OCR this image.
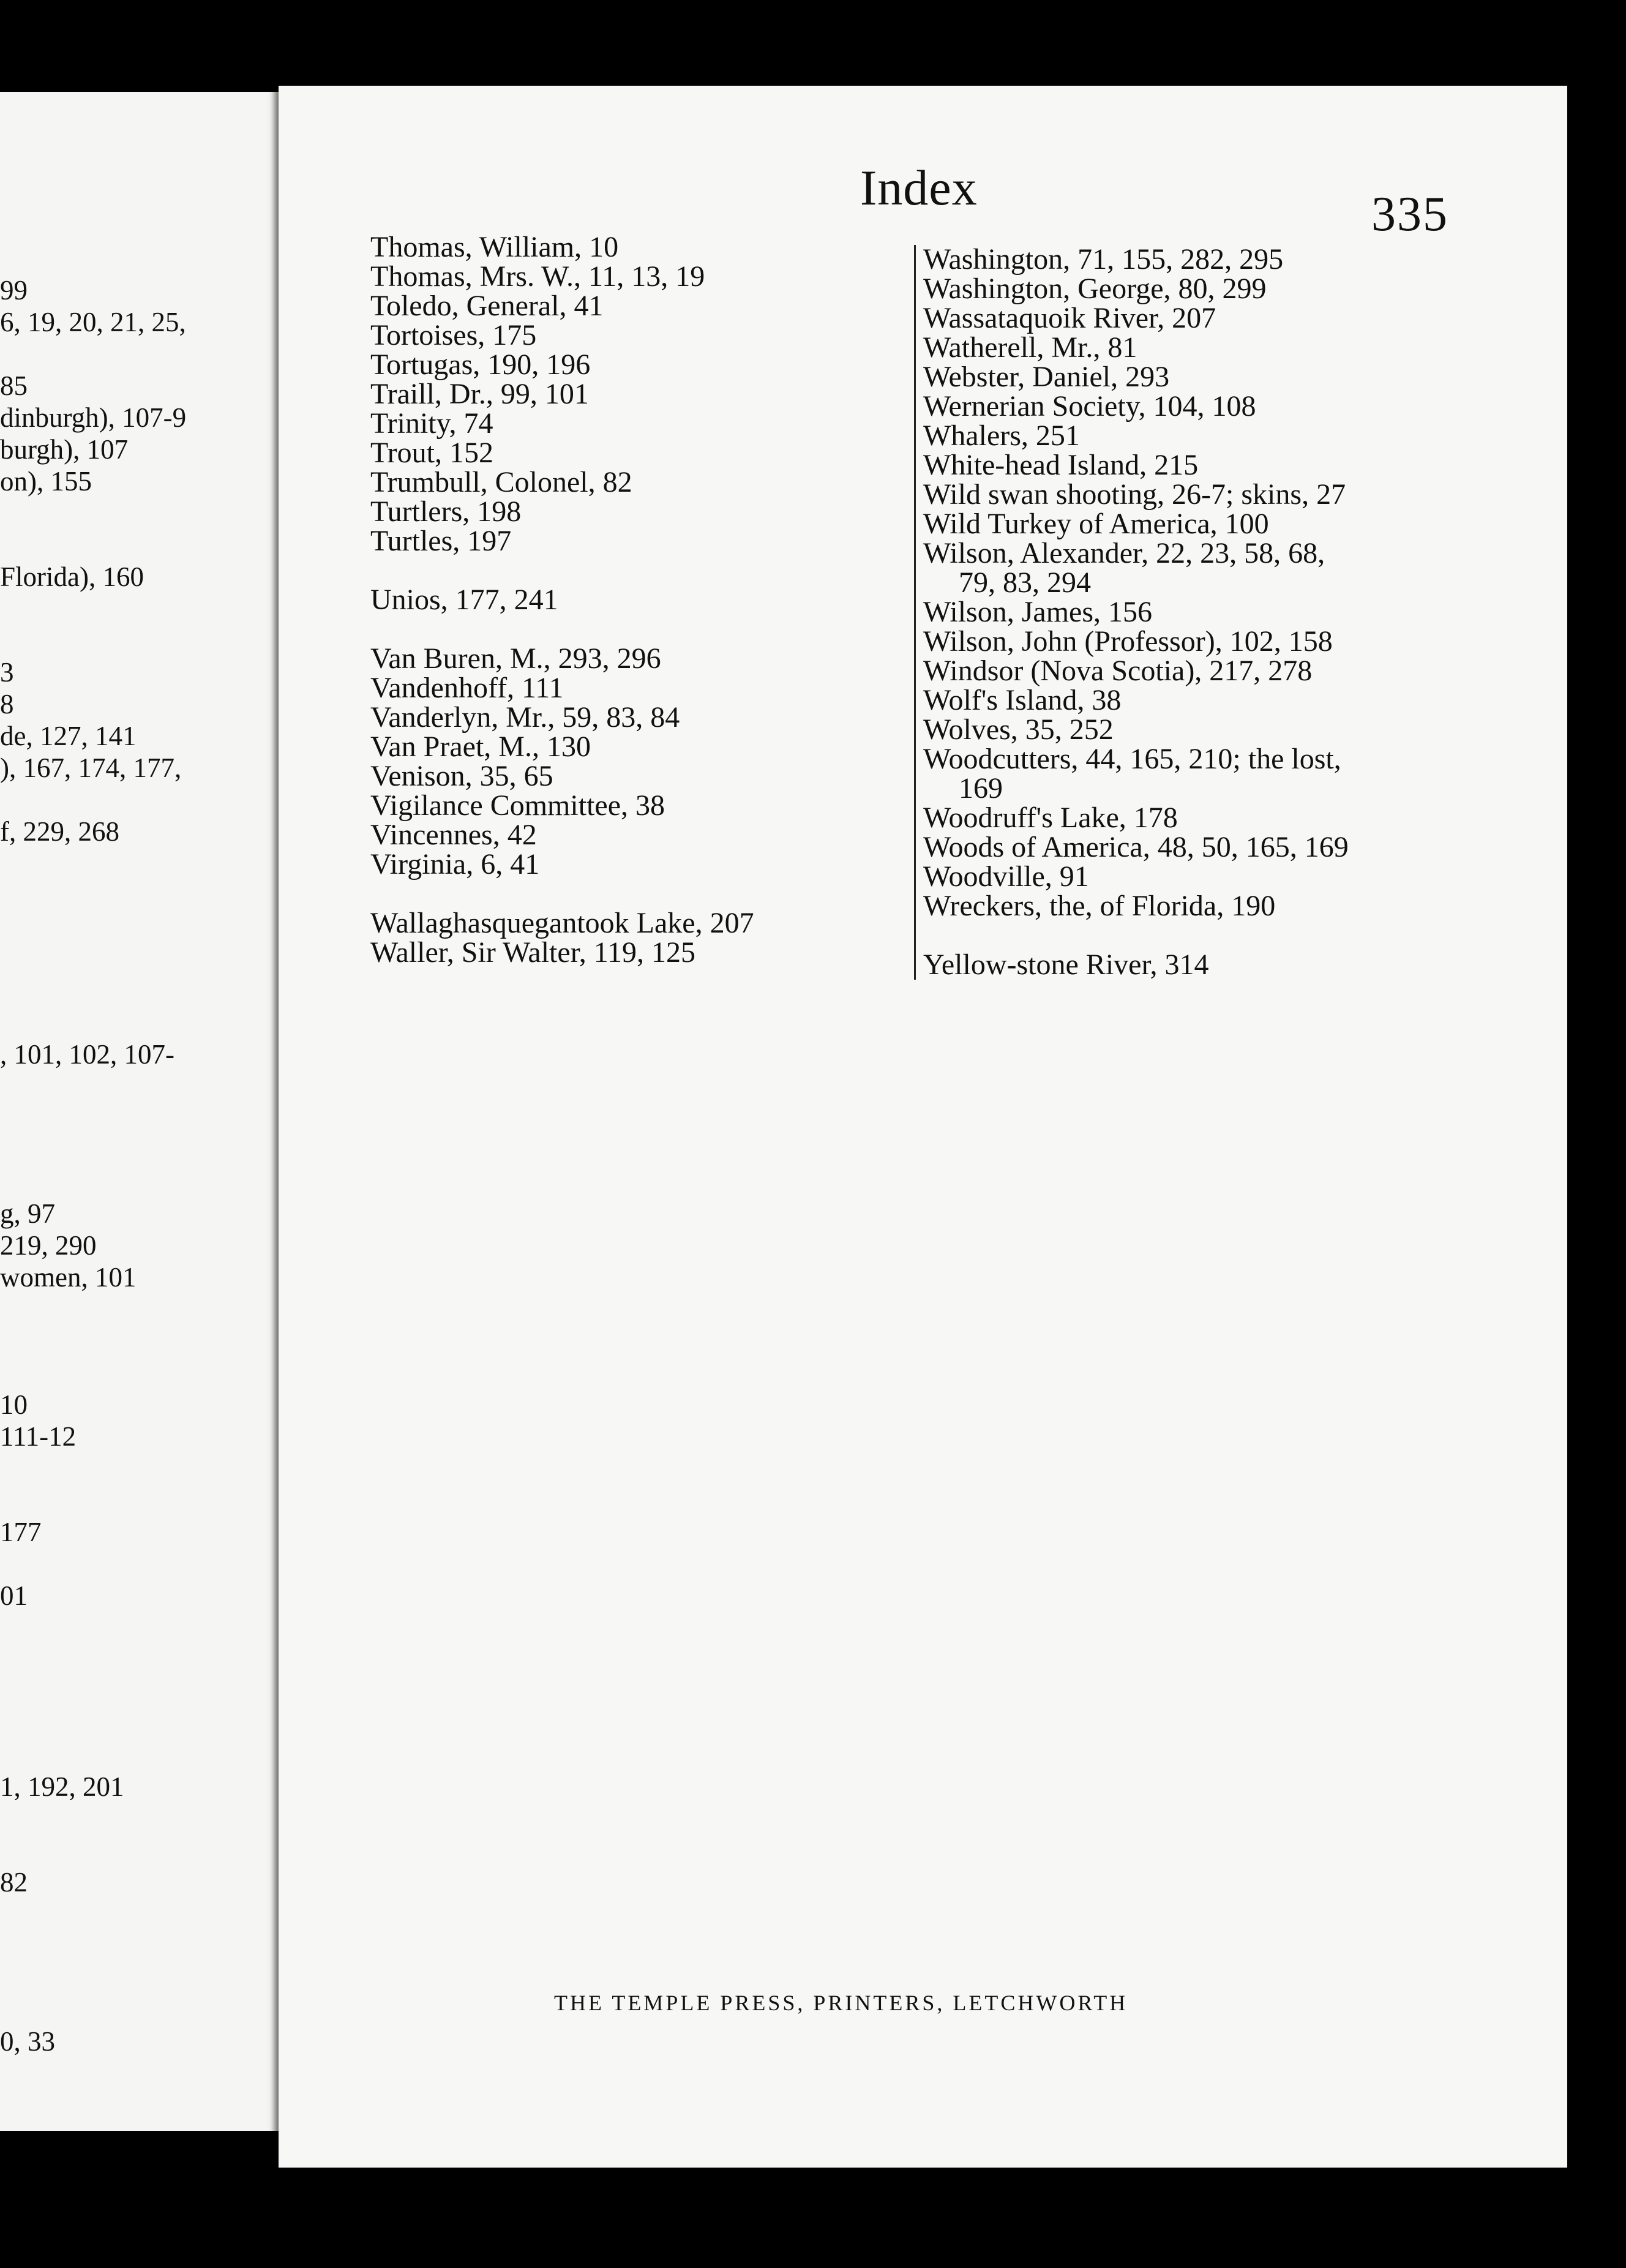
99
6, 19, 20, 21, 25,
85
dinburgh), 107-9
burgh), 107
on), 155
Florida), 160
3
8
de, 127, 141
), 167, 174, 177,
f, 229, 268
, 101, 102, 107-
g, 97
219, 290
women, 101
10
111-12
177
01
1, 192, 201
82
0, 33
Index	335
Thomas, William, 10
Thomas, Mrs. W., 11, 13, 19
Toledo, General, 41
Tortoises, 175
Tortugas, 190, 196
Traill, Dr., 99, 101
Trinity, 74
Trout, 152
Trumbull, Colonel, 82
Turtlers, 198
Turtles, 197
Unios, 177, 241
Van Buren, M., 293, 296
Vandenhoff, 111
Vanderlyn, Mr., 59, 83, 84
Van Praet, M., 130
Venison, 35, 65
Vigilance Committee, 38
Vincennes, 42
Virginia, 6, 41
Wallaghasquegantook Lake, 207
Waller, Sir Walter, 119, 125
Washington, 71, 155, 282, 295
Washington, George, 80, 299
Wassataquoik River, 207
Watherell, Mr., 81
Webster, Daniel, 293
Wernerian Society, 104, 108
Whalers, 251
White-head Island, 215
Wild swan shooting, 26-7; skins, 27
Wild Turkey of America, 100
Wilson, Alexander, 22, 23, 58, 68,
79, 83, 294
Wilson, James, 156
Wilson, John (Professor), 102, 158
Windsor (Nova Scotia), 217, 278
Wolf's Island, 38
Wolves, 35, 252
Woodcutters, 44, 165, 210; the lost,
169
Woodruff's Lake, 178
Woods of America, 48, 50, 165, 169
Woodville, 91
Wreckers, the, of Florida, 190
Yellow-stone River, 314
THE TEMPLE PRESS, PRINTERS, LETCHWORTH
